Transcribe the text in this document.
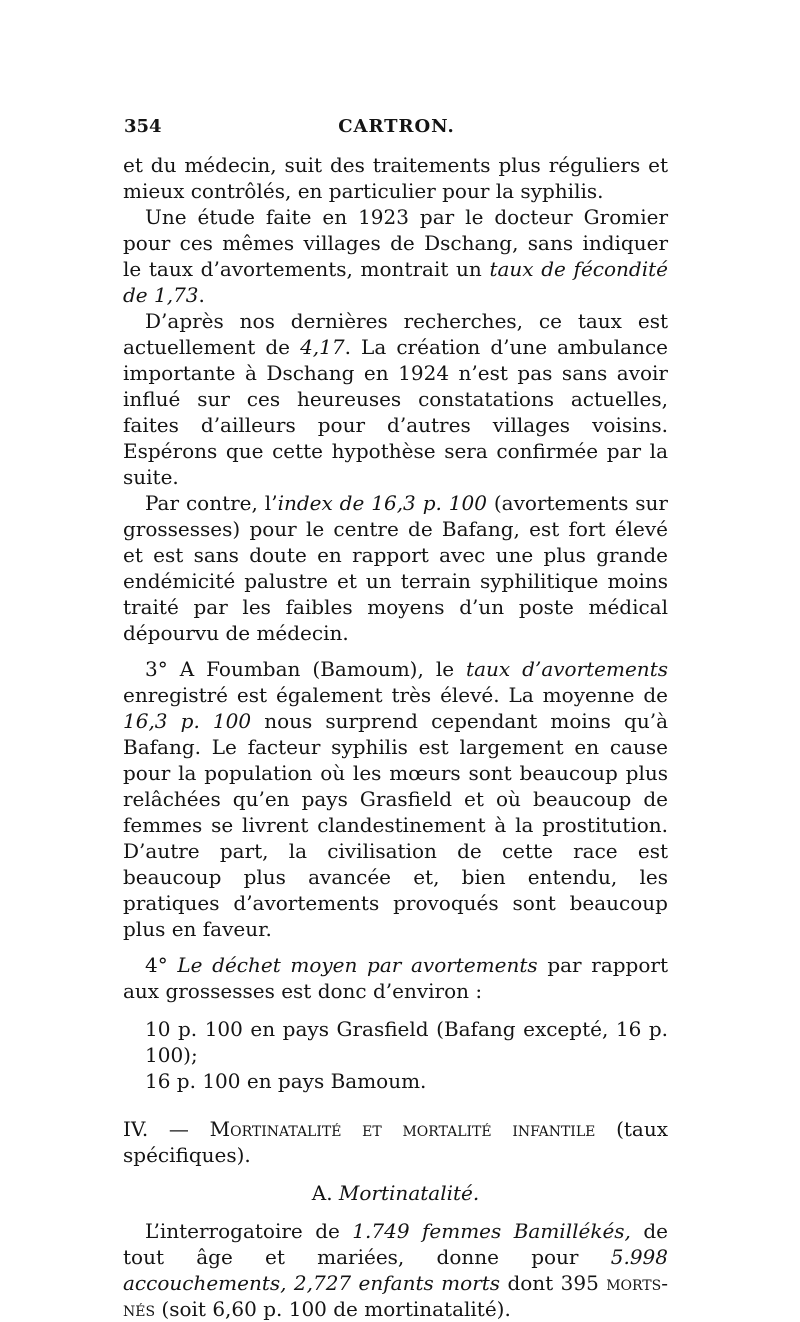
354	CARTRON.

et du médecin, suit des traitements plus réguliers et mieux contrôlés, en particulier pour la syphilis.

Une étude faite en 1923 par le docteur Gromier pour ces mêmes villages de Dschang, sans indiquer le taux d’avortements, montrait un taux de fécondité de 1,73.

D’après nos dernières recherches, ce taux est actuellement de 4,17. La création d’une ambulance importante à Dschang en 1924 n’est pas sans avoir influé sur ces heureuses constatations actuelles, faites d’ailleurs pour d’autres villages voisins. Espérons que cette hypothèse sera confirmée par la suite.

Par contre, l’index de 16,3 p. 100 (avortements sur grossesses) pour le centre de Bafang, est fort élevé et est sans doute en rapport avec une plus grande endémicité palustre et un terrain syphilitique moins traité par les faibles moyens d’un poste médical dépourvu de médecin.

3° A Foumban (Bamoum), le taux d’avortements enregistré est également très élevé. La moyenne de 16,3 p. 100 nous surprend cependant moins qu’à Bafang. Le facteur syphilis est largement en cause pour la population où les mœurs sont beaucoup plus relâchées qu’en pays Grasfield et où beaucoup de femmes se livrent clandestinement à la prostitution. D’autre part, la civilisation de cette race est beaucoup plus avancée et, bien entendu, les pratiques d’avortements provoqués sont beaucoup plus en faveur.

4° Le déchet moyen par avortements par rapport aux grossesses est donc d’environ :

10 p. 100 en pays Grasfield (Bafang excepté, 16 p. 100);

16 p. 100 en pays Bamoum.

IV. — Mortinatalité et mortalité infantile (taux spécifiques).

A. Mortinatalité.

L’interrogatoire de 1.749 femmes Bamillékés, de tout âge et mariées, donne pour 5.998 accouchements, 2,727 enfants morts dont 395 morts-nés (soit 6,60 p. 100 de mortinatalité).
